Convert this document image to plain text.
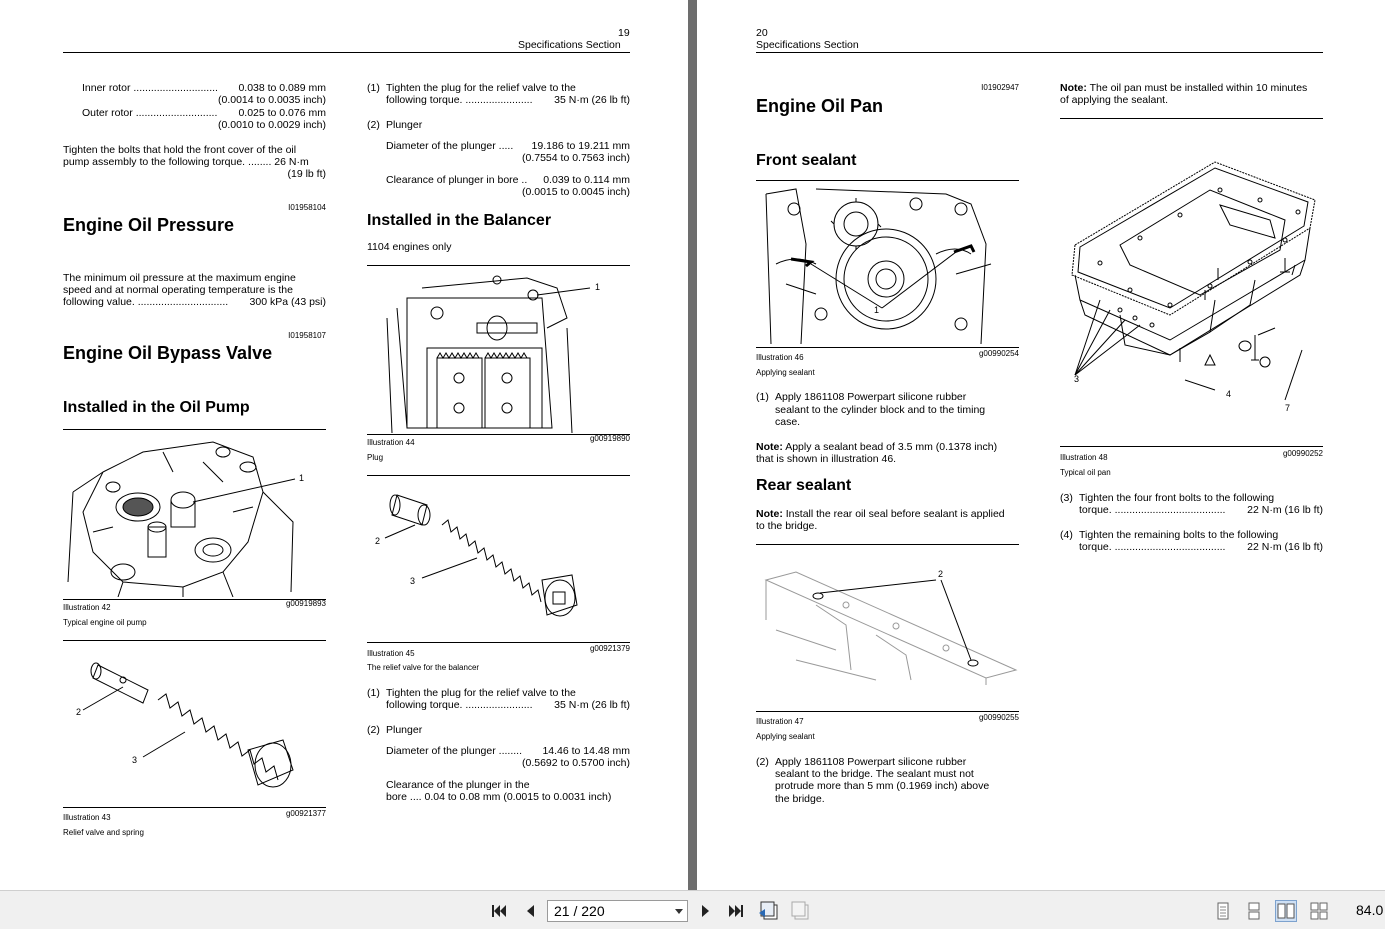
19
Specifications Section
Inner rotor .............................	0.038 to 0.089 mm
(0.0014 to 0.0035 inch)
Outer rotor ............................	0.025 to 0.076 mm
(0.0010 to 0.0029 inch)
Tighten the bolts that hold the front cover of the oil
pump assembly to the following torque. ........ 26 N·m
(19 lb ft)
I01958104
Engine Oil Pressure
The minimum oil pressure at the maximum engine
speed and at normal operating temperature is the
following value. ...............................	300 kPa (43 psi)
I01958107
Engine Oil Bypass Valve
Installed in the Oil Pump
1
Illustration 42	g00919893
Typical engine oil pump
2
3
Illustration 43	g00921377
Relief valve and spring
(1) Tighten the plug for the relief valve to the
following torque. .......................	35 N·m (26 lb ft)
(2) Plunger
Diameter of the plunger .....	19.186 to 19.211 mm
(0.7554 to 0.7563 inch)
Clearance of plunger in bore ..	0.039 to 0.114 mm
(0.0015 to 0.0045 inch)
Installed in the Balancer
1104 engines only
1
Illustration 44	g00919890
Plug
2
3
Illustration 45
g00921379
The relief valve for the balancer
(1) Tighten the plug for the relief valve to the
following torque. .......................	35 N·m (26 lb ft)
(2) Plunger
Diameter of the plunger ........	14.46 to 14.48 mm
(0.5692 to 0.5700 inch)
Clearance of the plunger in the
bore .... 0.04 to 0.08 mm (0.0015 to 0.0031 inch)
20
Specifications Section
I01902947
Engine Oil Pan
Front sealant
1
Illustration 46	g00990254
Applying sealant
(1) Apply 1861108 Powerpart silicone rubber
sealant to the cylinder block and to the timing
case.
Note: Apply a sealant bead of 3.5 mm (0.1378 inch)
that is shown in illustration 46.
Rear sealant
Note: Install the rear oil seal before sealant is applied
to the bridge.
2
Illustration 47	g00990255
Applying sealant
(2) Apply 1861108 Powerpart silicone rubber
sealant to the bridge. The sealant must not
protrude more than 5 mm (0.1969 inch) above
the bridge.
Note: The oil pan must be installed within 10 minutes
of applying the sealant.
3
4
7
Illustration 48	g00990252
Typical oil pan
(3) Tighten the four front bolts to the following
torque. ......................................	22 N·m (16 lb ft)
(4) Tighten the remaining bolts to the following
torque. ......................................	22 N·m (16 lb ft)
21 / 220	84.0
